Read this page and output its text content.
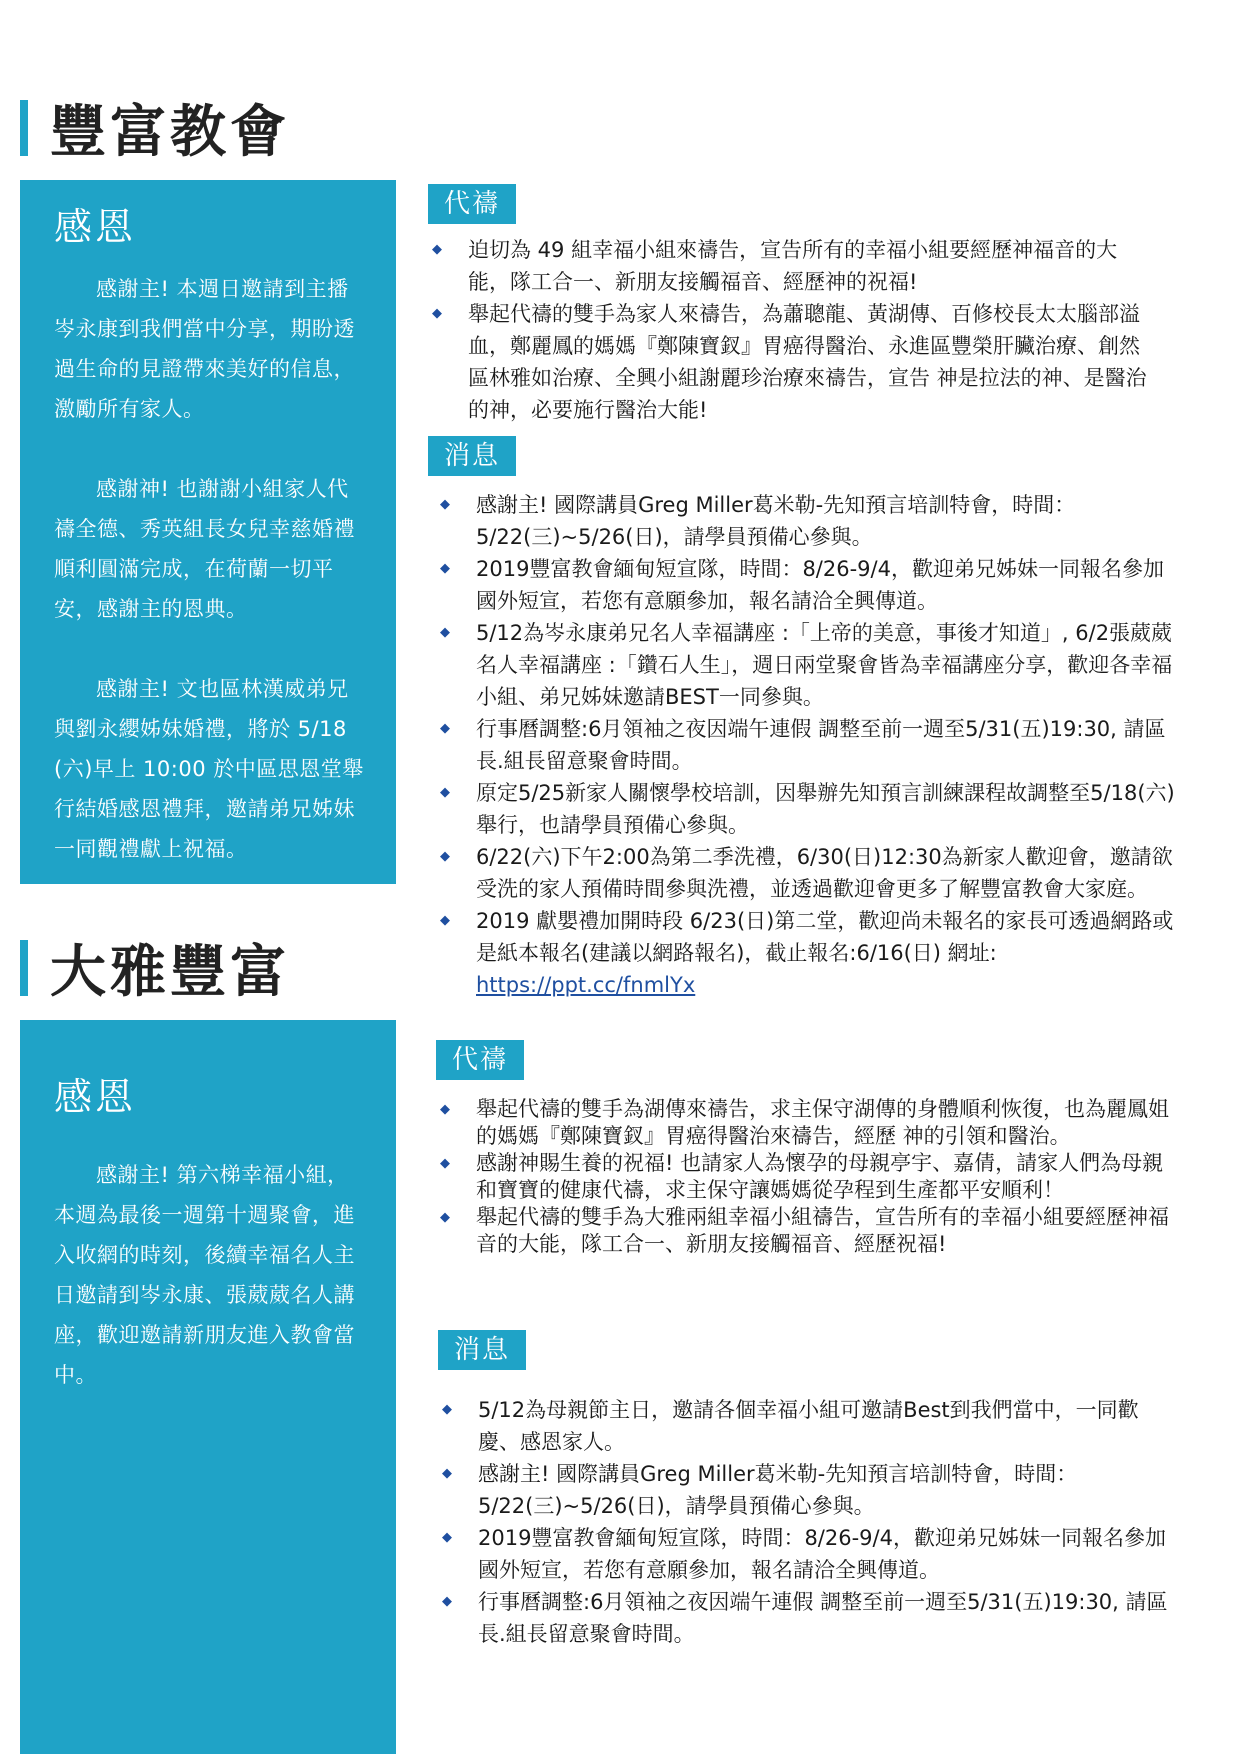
豐富教會
大雅豐富
感恩

感謝主! 本週日邀請到主播岑永康到我們當中分享，期盼透過生命的見證帶來美好的信息，激勵所有家人。

感謝神! 也謝謝小組家人代禱全德、秀英組長女兒幸慈婚禮順利圓滿完成，在荷蘭一切平安，感謝主的恩典。

感謝主! 文也區林漢威弟兄與劉永纓姊妹婚禮，將於 5/18 (六)早上 10:00 於中區思恩堂舉行結婚感恩禮拜，邀請弟兄姊妹一同觀禮獻上祝福。

感恩

感謝主! 第六梯幸福小組，本週為最後一週第十週聚會，進入收網的時刻，後續幸福名人主日邀請到岑永康、張葳葳名人講座，歡迎邀請新朋友進入教會當中。

代禱
◆ 迫切為 49 組幸福小組來禱告，宣告所有的幸福小組要經歷神福音的大能，隊工合一、新朋友接觸福音、經歷神的祝福!
◆ 舉起代禱的雙手為家人來禱告，為蕭聰龍、黃湖傳、百修校長太太腦部溢血，鄭麗鳳的媽媽『鄭陳寶釵』胃癌得醫治、永進區豐榮肝臟治療、創然區林雅如治療、全興小組謝麗珍治療來禱告，宣告 神是拉法的神、是醫治的神，必要施行醫治大能!
消息
◆ 感謝主! 國際講員Greg Miller葛米勒-先知預言培訓特會，時間：5/22(三)~5/26(日)，請學員預備心參與。
◆ 2019豐富教會緬甸短宣隊，時間：8/26-9/4，歡迎弟兄姊妹一同報名參加國外短宣，若您有意願參加，報名請洽全興傳道。
◆ 5/12為岑永康弟兄名人幸福講座 :「上帝的美意，事後才知道」, 6/2張葳葳名人幸福講座 :「鑽石人生」，週日兩堂聚會皆為幸福講座分享，歡迎各幸福小組、弟兄姊妹邀請BEST一同參與。
◆ 行事曆調整:6月領袖之夜因端午連假 調整至前一週至5/31(五)19:30, 請區長.組長留意聚會時間。
◆ 原定5/25新家人關懷學校培訓，因舉辦先知預言訓練課程故調整至5/18(六)舉行，也請學員預備心參與。
◆ 6/22(六)下午2:00為第二季洗禮，6/30(日)12:30為新家人歡迎會，邀請欲受洗的家人預備時間參與洗禮，並透過歡迎會更多了解豐富教會大家庭。
◆ 2019 獻嬰禮加開時段 6/23(日)第二堂，歡迎尚未報名的家長可透過網路或是紙本報名(建議以網路報名)，截止報名:6/16(日) 網址:
https://ppt.cc/fnmlYx
代禱
◆ 舉起代禱的雙手為湖傳來禱告，求主保守湖傳的身體順利恢復，也為麗鳳姐的媽媽『鄭陳寶釵』胃癌得醫治來禱告，經歷 神的引領和醫治。
◆ 感謝神賜生養的祝福! 也請家人為懷孕的母親亭宇、嘉倩，請家人們為母親和寶寶的健康代禱，求主保守讓媽媽從孕程到生產都平安順利！
◆ 舉起代禱的雙手為大雅兩組幸福小組禱告，宣告所有的幸福小組要經歷神福音的大能，隊工合一、新朋友接觸福音、經歷祝福!
消息
◆ 5/12為母親節主日，邀請各個幸福小組可邀請Best到我們當中，一同歡慶、感恩家人。
◆ 感謝主! 國際講員Greg Miller葛米勒-先知預言培訓特會，時間：5/22(三)~5/26(日)，請學員預備心參與。
◆ 2019豐富教會緬甸短宣隊，時間：8/26-9/4，歡迎弟兄姊妹一同報名參加國外短宣，若您有意願參加，報名請洽全興傳道。
◆ 行事曆調整:6月領袖之夜因端午連假 調整至前一週至5/31(五)19:30, 請區長.組長留意聚會時間。
